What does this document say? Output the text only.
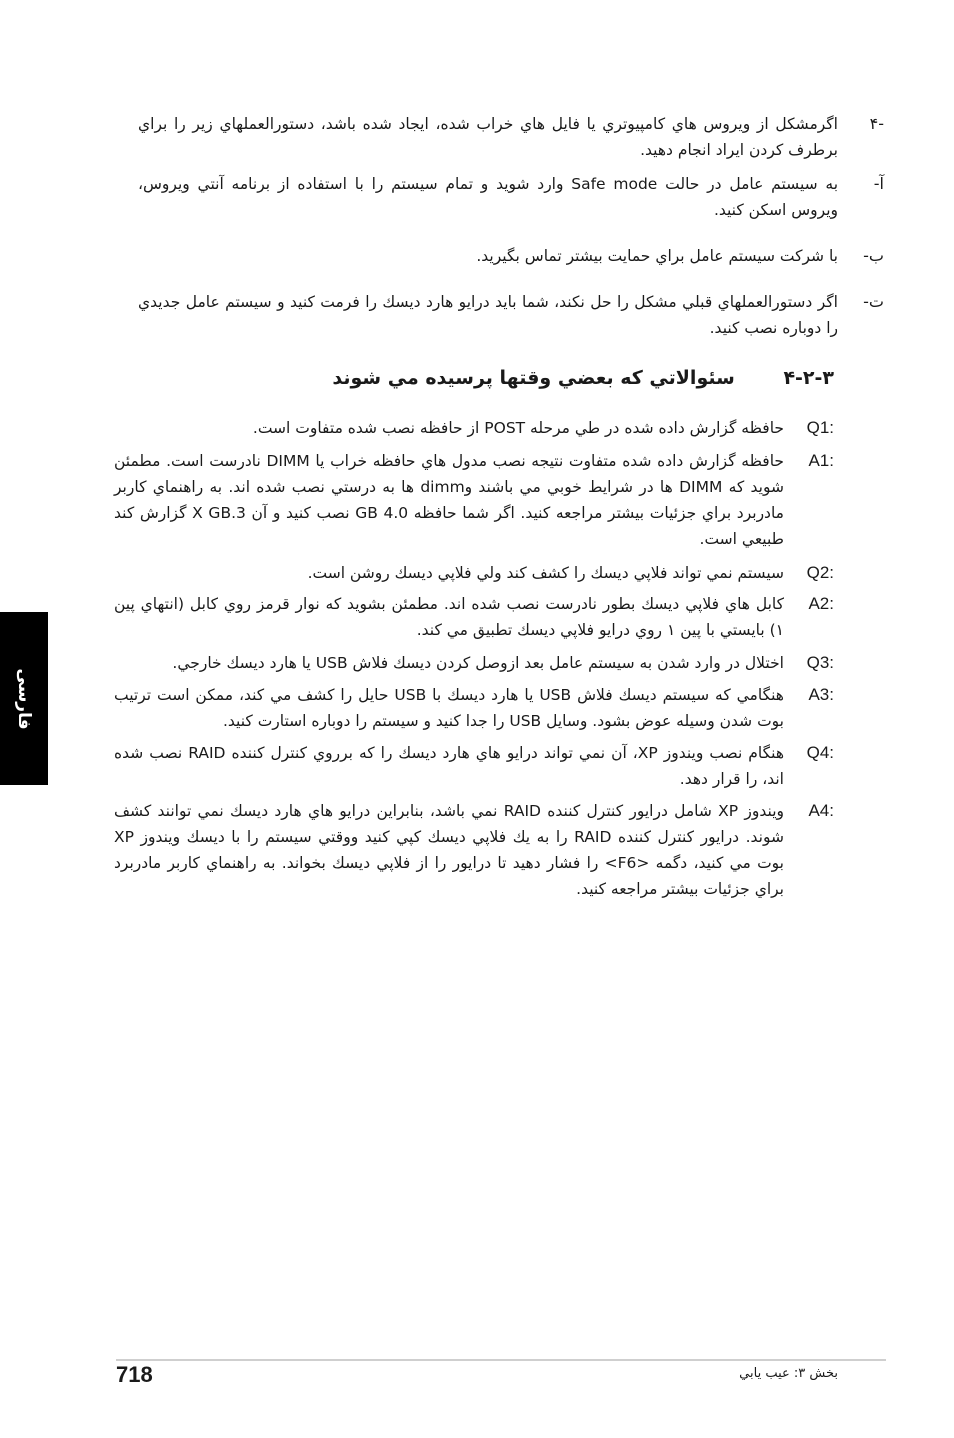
-۴
اگرمشكل از ويروس هاي كامپيوتري يا فايل هاي خراب شده، ايجاد شده باشد، دستورالعملهاي زير را براي برطرف كردن ايراد انجام دهيد.
آ-
به سيستم عامل در حالت Safe mode وارد شويد و تمام سيستم را با استفاده از برنامه آنتي ويروس، ويروس اسكن كنيد.
ب-
با شركت سيستم عامل براي حمايت بيشتر تماس بگيريد.
ت-
اگر دستورالعملهاي قبلي مشكل را حل نكند، شما بايد درايو هارد ديسك را فرمت كنيد و سيستم عامل جديدي را دوباره نصب كنيد.
۴-۲-۳ سئوالاتي كه بعضي وقتها پرسيده مي شوند
Q1:
حافظه گزارش داده شده در طي مرحله POST از حافظه نصب شده متفاوت است.
A1:
حافظه گزارش داده شده متفاوت نتيجه نصب مدول هاي حافظه خراب يا DIMM نادرست است. مطمئن شويد كه DIMM ها در شرايط خوبي مي باشند وdimm ها به درستي نصب شده اند. به راهنماي كاربر مادربرد براي جزئيات بيشتر مراجعه كنيد. اگر شما حافظه 4.0 GB نصب كنيد و آن 3.X GB گزارش كند طبيعي است.
Q2:
سيستم نمي تواند فلاپي ديسك را كشف كند ولي فلاپي ديسك روشن است.
A2:
كابل هاي فلاپي ديسك بطور نادرست نصب شده اند. مطمئن بشويد كه نوار قرمز روي كابل (انتهاي پين ۱) بايستي با پين ۱ روي درايو فلاپي ديسك تطبيق مي كند.
Q3:
اختلال در وارد شدن به سيستم عامل بعد ازوصل كردن ديسك فلاش USB يا هارد ديسك خارجي.
A3:
هنگامي كه سيستم ديسك فلاش USB يا هارد ديسك با USB حايل را كشف مي كند، ممكن است ترتيب بوت شدن وسيله عوض بشود. وسايل USB را جدا كنيد و سيستم را دوباره استارت كنيد.
Q4:
هنگام نصب ويندوز XP، آن نمي تواند درايو هاي هارد ديسك را كه برروي كنترل كننده RAID نصب شده اند، را قرار دهد.
A4:
ويندوز XP شامل درايور كنترل كننده RAID نمي باشد، بنابراين درايو هاي هارد ديسك نمي توانند كشف شوند. درايور كنترل كننده RAID را به يك فلاپي ديسك كپي كنيد ووقتي سيستم را با ديسك ويندوز XP بوت مي كنيد، دگمه <F6> را فشار دهيد تا درايور را از فلاپي ديسك بخواند. به راهنماي كاربر مادربرد براي جزئيات بيشتر مراجعه كنيد.
فارسی
718	بخش ۳: عيب يابي
